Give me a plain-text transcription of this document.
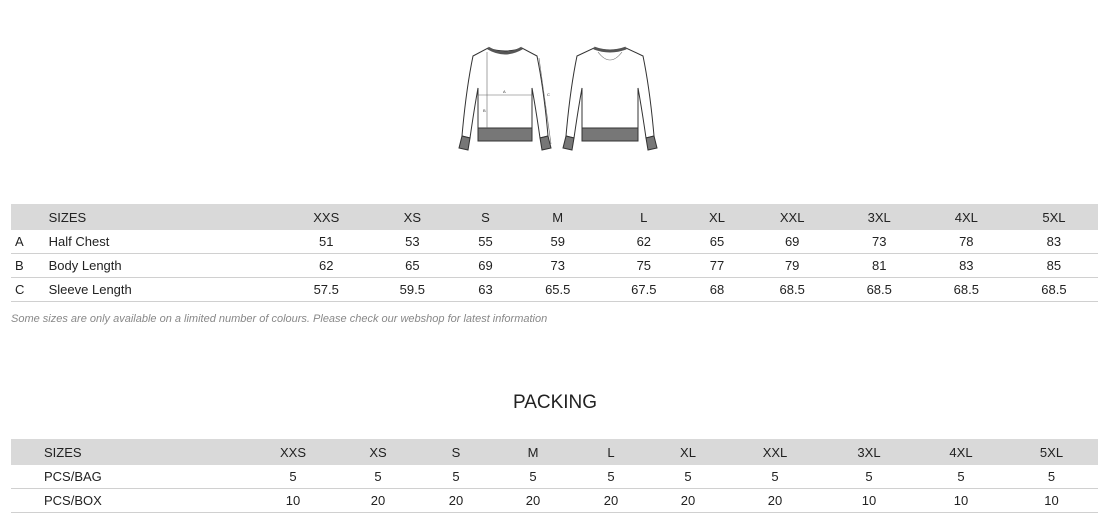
A
B
C
	SIZES	XXS	XS	S	M	L	XL	XXL	3XL	4XL	5XL
A	Half Chest	51	53	55	59	62	65	69	73	78	83
B	Body Length	62	65	69	73	75	77	79	81	83	85
C	Sleeve Length	57.5	59.5	63	65.5	67.5	68	68.5	68.5	68.5	68.5

Some sizes are only available on a limited number of colours. Please check our webshop for latest information

PACKING
SIZES	XXS	XS	S	M	L	XL	XXL	3XL	4XL	5XL
PCS/BAG	5	5	5	5	5	5	5	5	5	5
PCS/BOX	10	20	20	20	20	20	20	10	10	10
